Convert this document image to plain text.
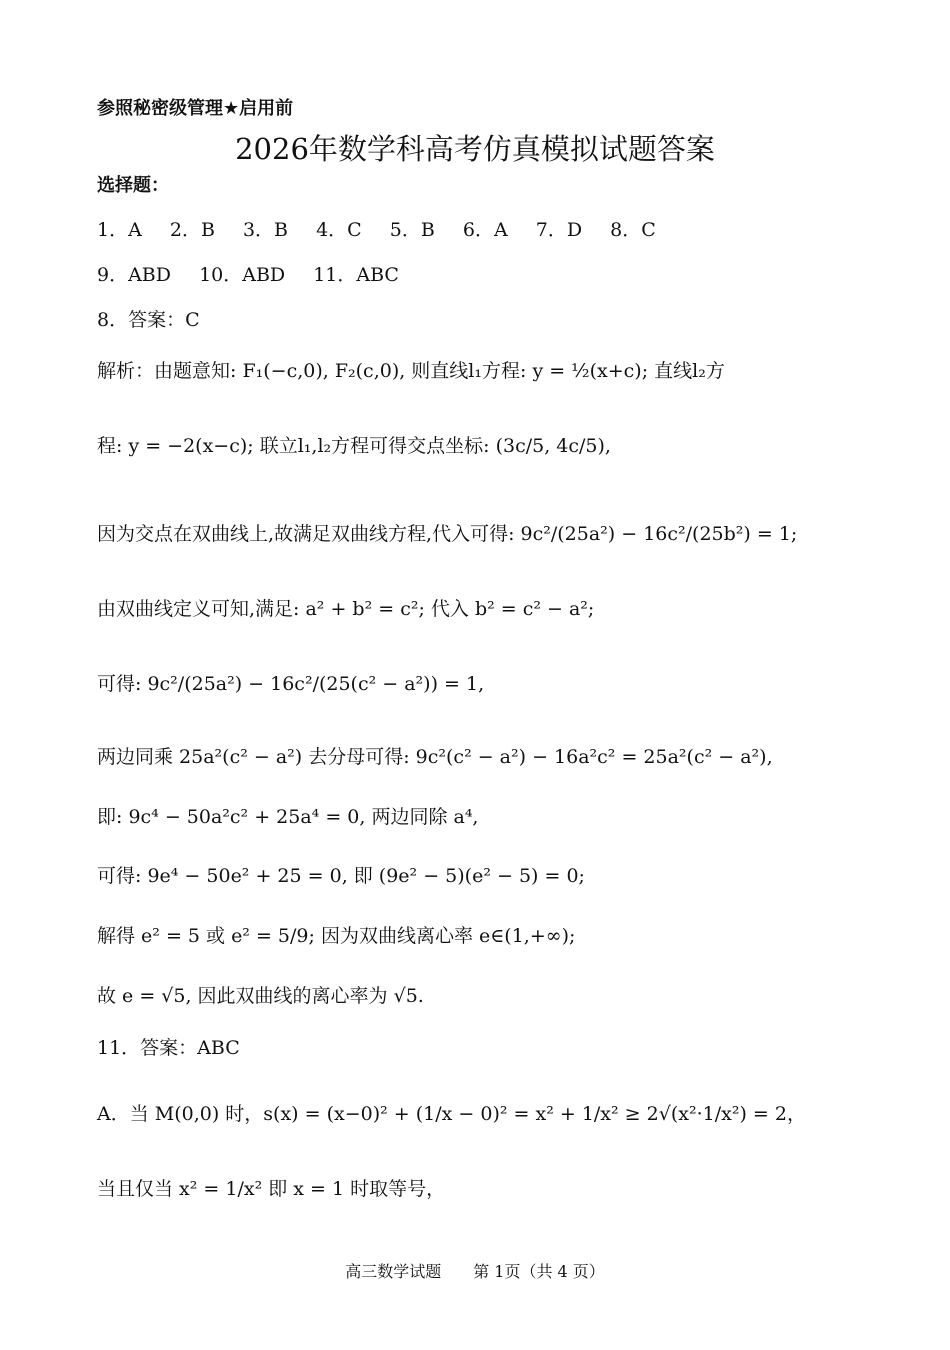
参照秘密级管理★启用前
2026年数学科高考仿真模拟试题答案
选择题：
1．A 2．B 3．B 4．C 5．B 6．A 7．D 8．C
9．ABD 10．ABD 11．ABC
8．答案：C
解析：由题意知: F₁(−c,0), F₂(c,0), 则直线l₁方程: y = ½(x+c); 直线l₂方
程: y = −2(x−c); 联立l₁,l₂方程可得交点坐标: (3c/5, 4c/5),
因为交点在双曲线上,故满足双曲线方程,代入可得: 9c²/(25a²) − 16c²/(25b²) = 1;
由双曲线定义可知,满足: a² + b² = c²; 代入 b² = c² − a²;
可得: 9c²/(25a²) − 16c²/(25(c² − a²)) = 1,
两边同乘 25a²(c² − a²) 去分母可得: 9c²(c² − a²) − 16a²c² = 25a²(c² − a²),
即: 9c⁴ − 50a²c² + 25a⁴ = 0, 两边同除 a⁴,
可得: 9e⁴ − 50e² + 25 = 0, 即 (9e² − 5)(e² − 5) = 0;
解得 e² = 5 或 e² = 5/9; 因为双曲线离心率 e∈(1,+∞);
故 e = √5, 因此双曲线的离心率为 √5.
11．答案：ABC
A．当 M(0,0) 时，s(x) = (x−0)² + (1/x − 0)² = x² + 1/x² ≥ 2√(x²·1/x²) = 2，
当且仅当 x² = 1/x² 即 x = 1 时取等号，
高三数学试题　　第 1页（共 4 页）
